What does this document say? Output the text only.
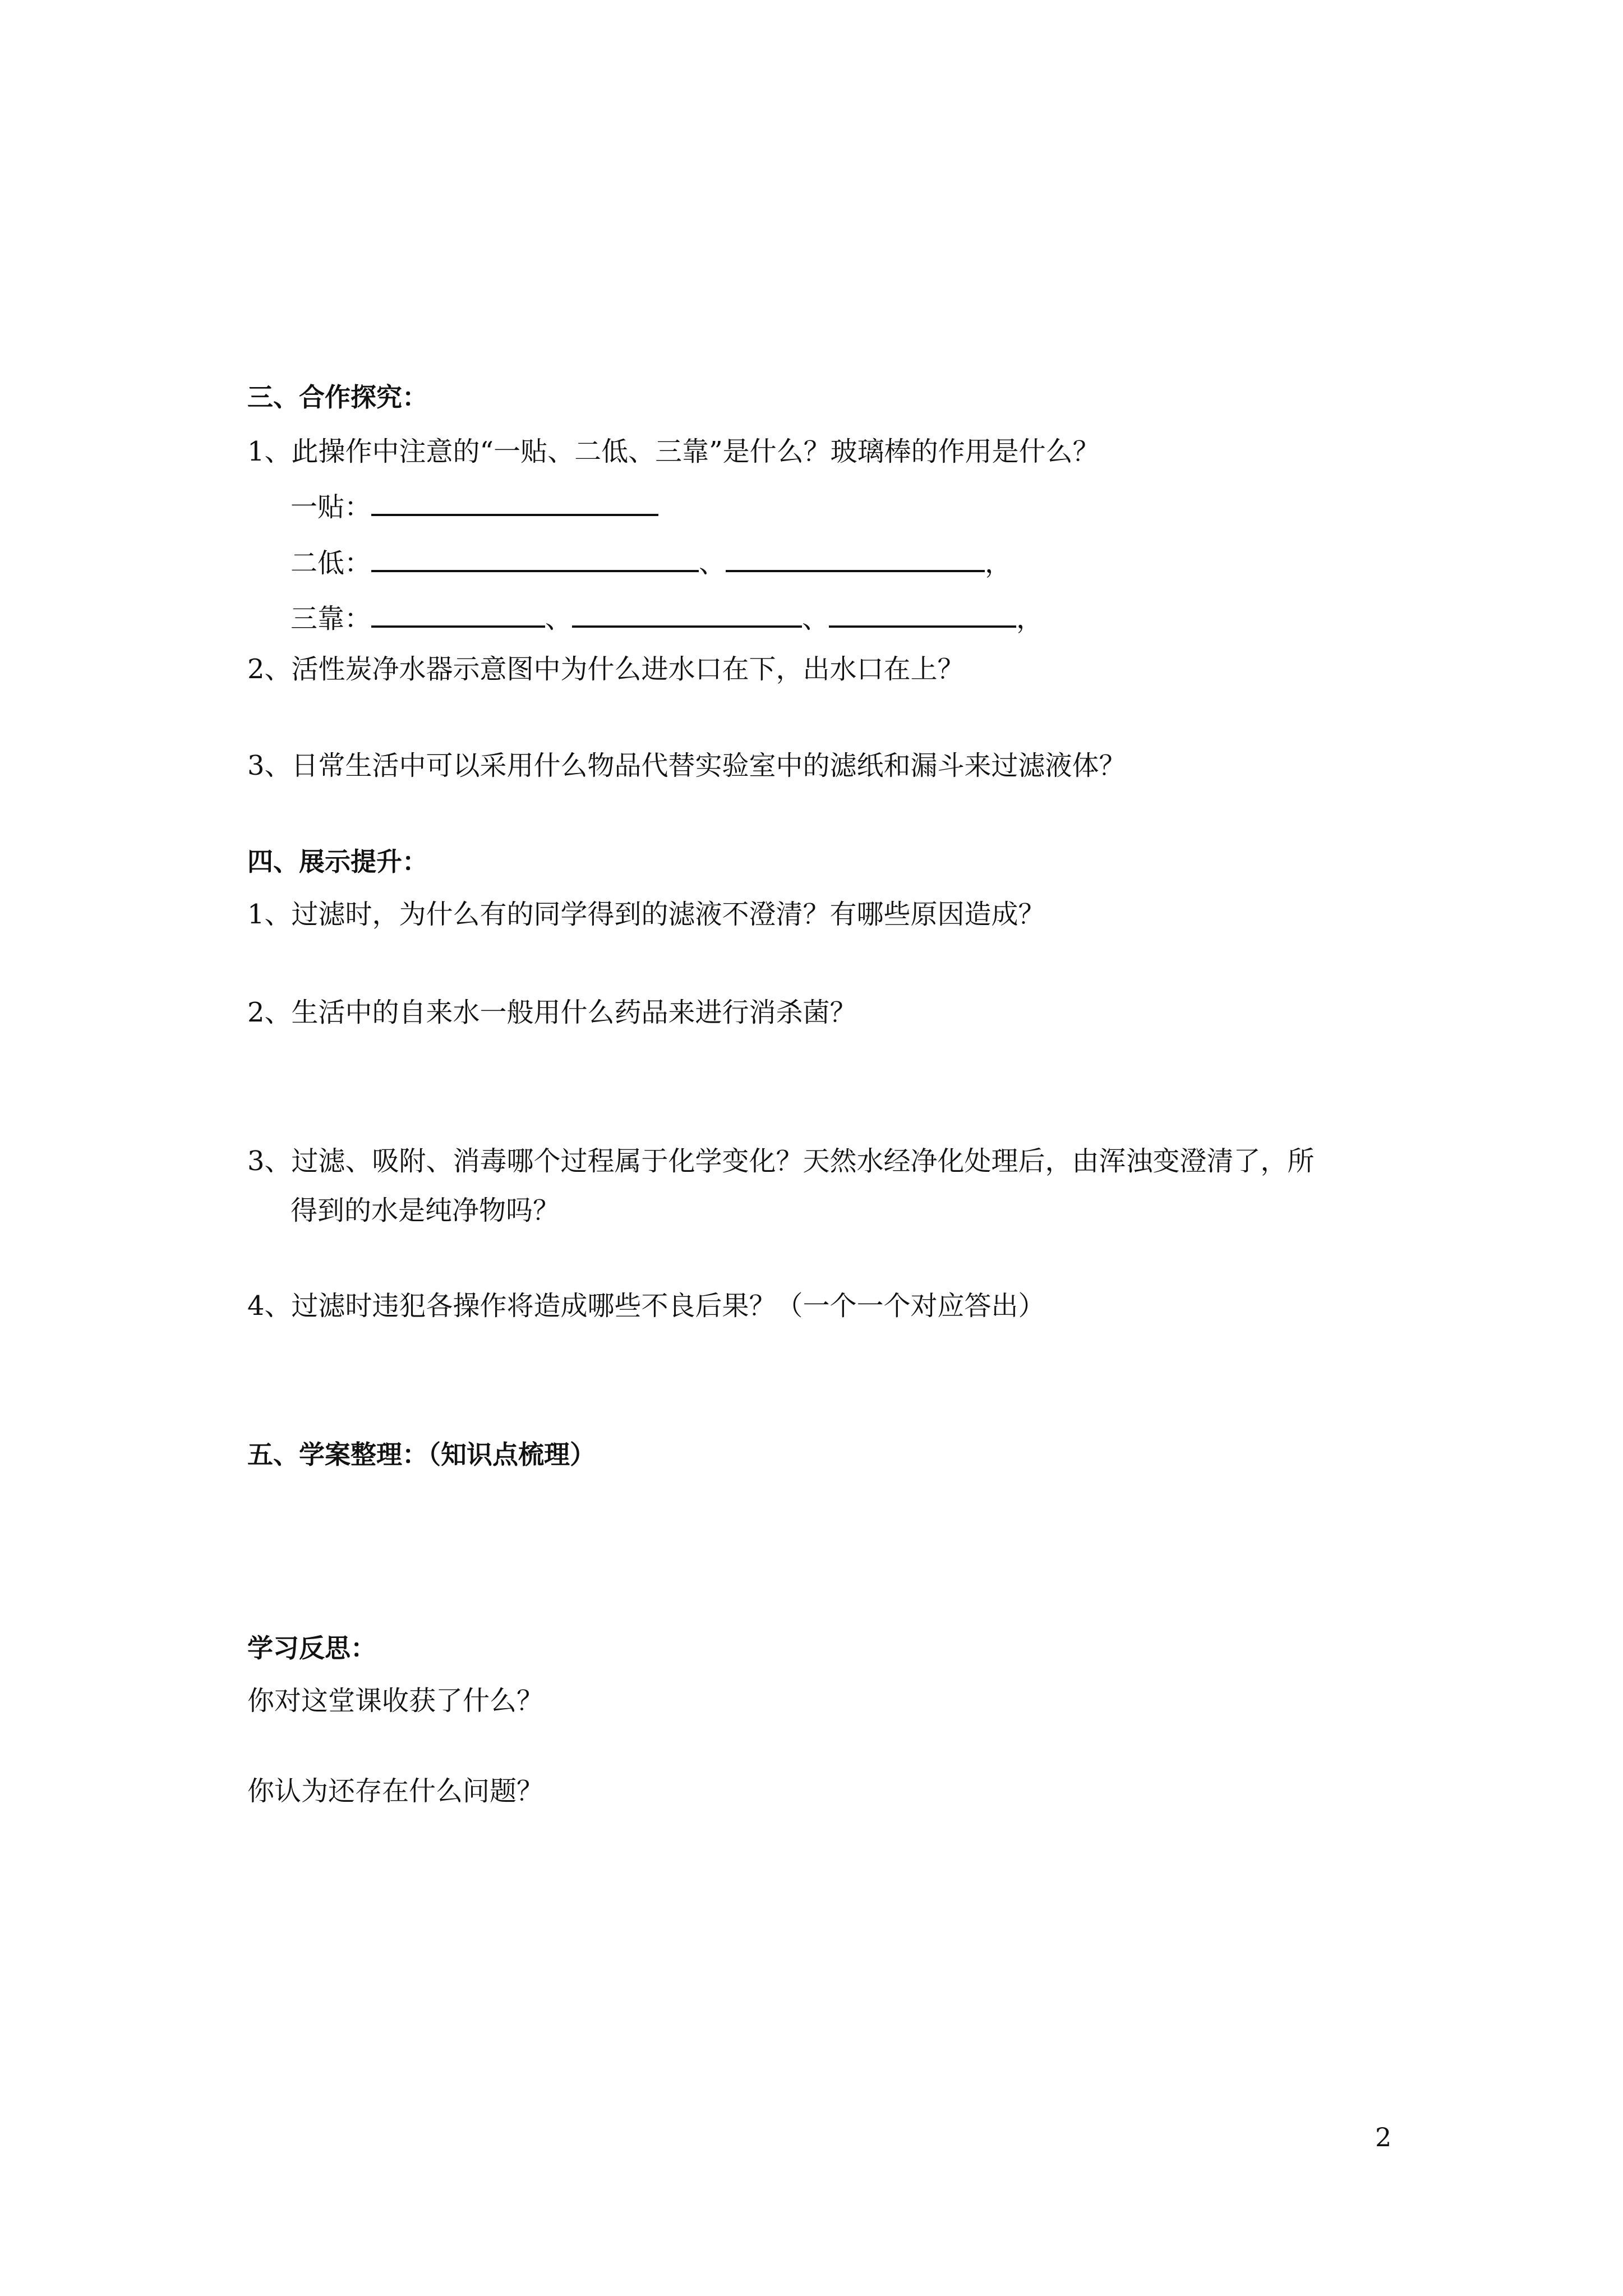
三、合作探究：
1、此操作中注意的“一贴、二低、三靠”是什么？玻璃棒的作用是什么？
一贴：
二低：	、	，
三靠：	、	、	，
2、活性炭净水器示意图中为什么进水口在下，出水口在上？
3、日常生活中可以采用什么物品代替实验室中的滤纸和漏斗来过滤液体？
四、展示提升：
1、过滤时，为什么有的同学得到的滤液不澄清？有哪些原因造成？
2、生活中的自来水一般用什么药品来进行消杀菌？
3、过滤、吸附、消毒哪个过程属于化学变化？天然水经净化处理后，由浑浊变澄清了，所
得到的水是纯净物吗？
4、过滤时违犯各操作将造成哪些不良后果？（一个一个对应答出）
五、学案整理：（知识点梳理）
学习反思：
你对这堂课收获了什么？
你认为还存在什么问题？
2
